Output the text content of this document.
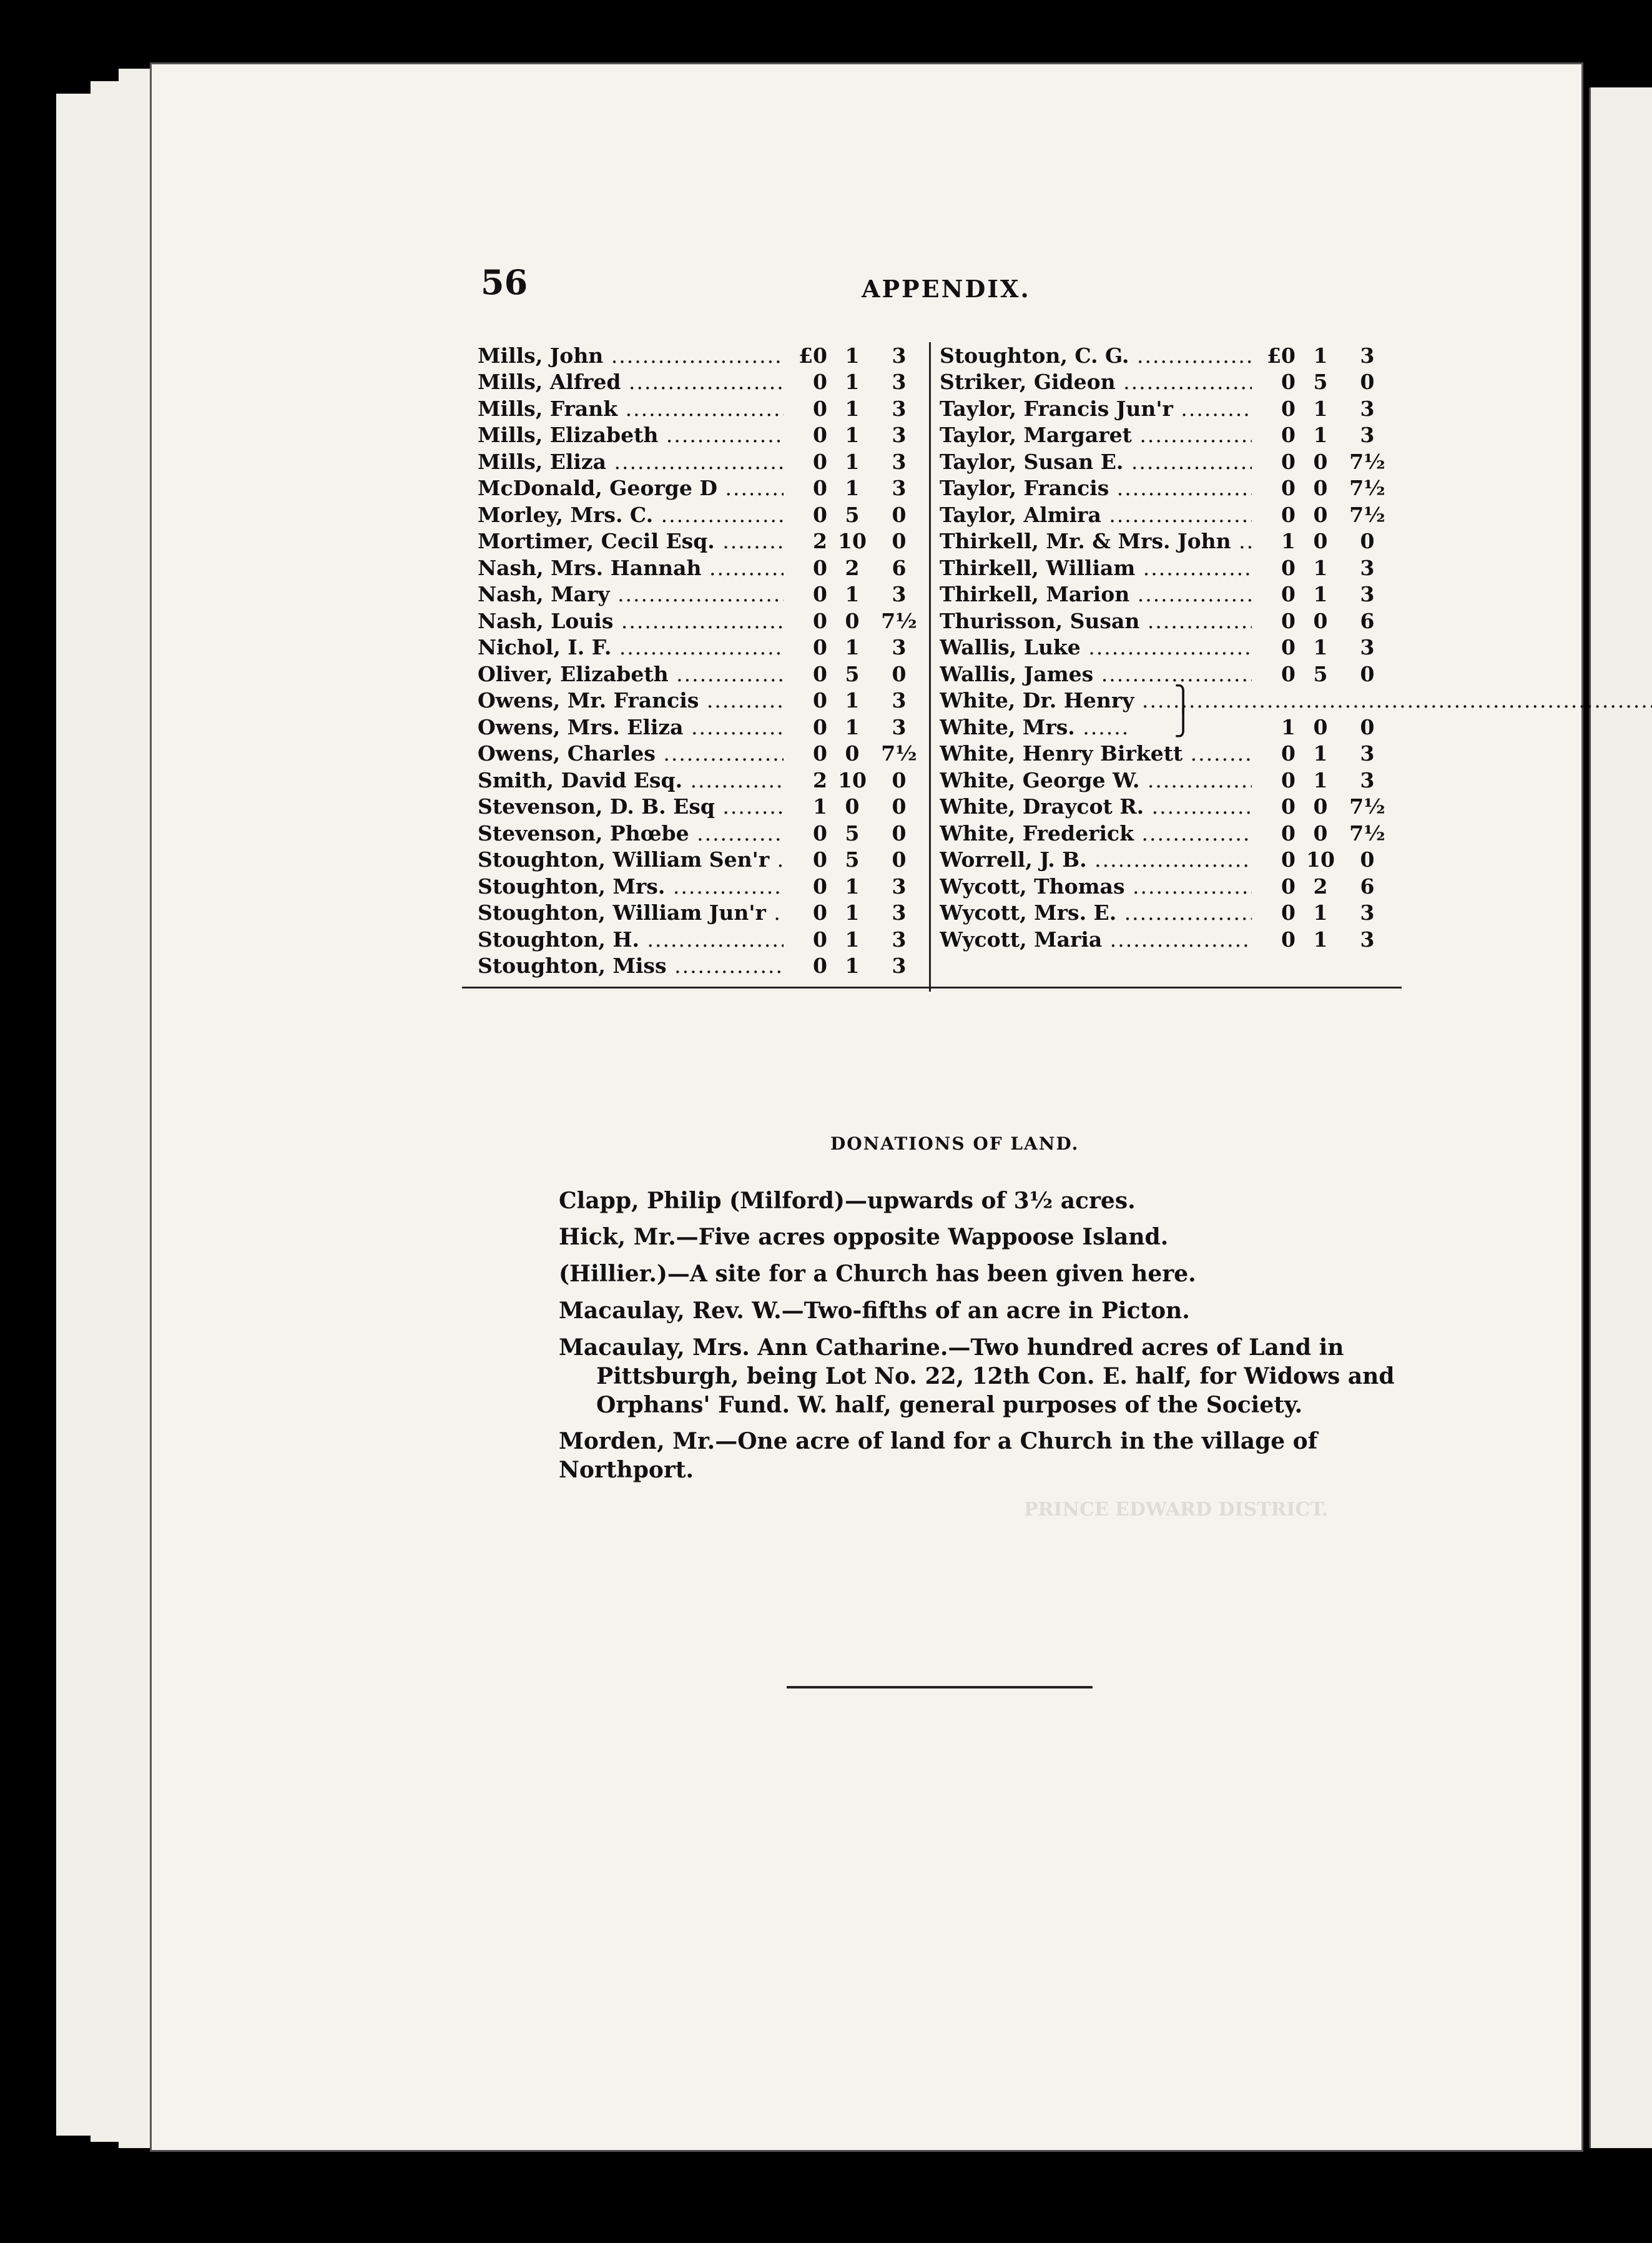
PRINCE EDWARD DISTRICT.
56	APPENDIX.
Mills, John .....	£0 1	3
Mills, Alfred .....	0 1	3
Mills, Frank .....	0 1	3
Mills, Elizabeth .....	0 1	3
Mills, Eliza .....	0 1	3
McDonald, George D .....	0 1	3
Morley, Mrs. C. .....	0 5	0
Mortimer, Cecil Esq. .....	2 10	0
Nash, Mrs. Hannah .....	0 2	6
Nash, Mary .....	0 1	3
Nash, Louis .....	0 0	7½
Nichol, I. F. .....	0 1	3
Oliver, Elizabeth .....	0 5	0
Owens, Mr. Francis .....	0 1	3
Owens, Mrs. Eliza .....	0 1	3
Owens, Charles .....	0 0	7½
Smith, David Esq. .....	2 10	0
Stevenson, D. B. Esq .....	1 0	0
Stevenson, Phœbe .....	0 5	0
Stoughton, William Sen'r .....	0 5	0
Stoughton, Mrs. .....	0 1	3
Stoughton, William Jun'r .....	0 1	3
Stoughton, H. .....	0 1	3
Stoughton, Miss .....	0 1	3
Stoughton, C. G. .....	£0 1	3
Striker, Gideon .....	0 5	0
Taylor, Francis Jun'r .....	0 1	3
Taylor, Margaret .....	0 1	3
Taylor, Susan E. .....	0 0	7½
Taylor, Francis .....	0 0	7½
Taylor, Almira .....	0 0	7½
Thirkell, Mr. & Mrs. John .....	1 0	0
Thirkell, William .....	0 1	3
Thirkell, Marion .....	0 1	3
Thurisson, Susan .....	0 0	6
Wallis, Luke .....	0 1	3
Wallis, James .....	0 5	0
White, Dr. Henry .....	⎫
White, Mrs. .....	⎭	1 0	0
White, Henry Birkett .....	0 1	3
White, George W. .....	0 1	3
White, Draycot R. .....	0 0	7½
White, Frederick .....	0 0	7½
Worrell, J. B. .....	0 10	0
Wycott, Thomas .....	0 2	6
Wycott, Mrs. E. .....	0 1	3
Wycott, Maria .....	0 1	3
DONATIONS OF LAND.
Clapp, Philip (Milford)—upwards of 3½ acres.
Hick, Mr.—Five acres opposite Wappoose Island.
(Hillier.)—A site for a Church has been given here.
Macaulay, Rev. W.—Two-fifths of an acre in Picton.
Macaulay, Mrs. Ann Catharine.—Two hundred acres of Land in Pittsburgh, being Lot No. 22, 12th Con. E. half, for Widows and Orphans' Fund. W. half, general purposes of the Society.
Morden, Mr.—One acre of land for a Church in the village of Northport.
